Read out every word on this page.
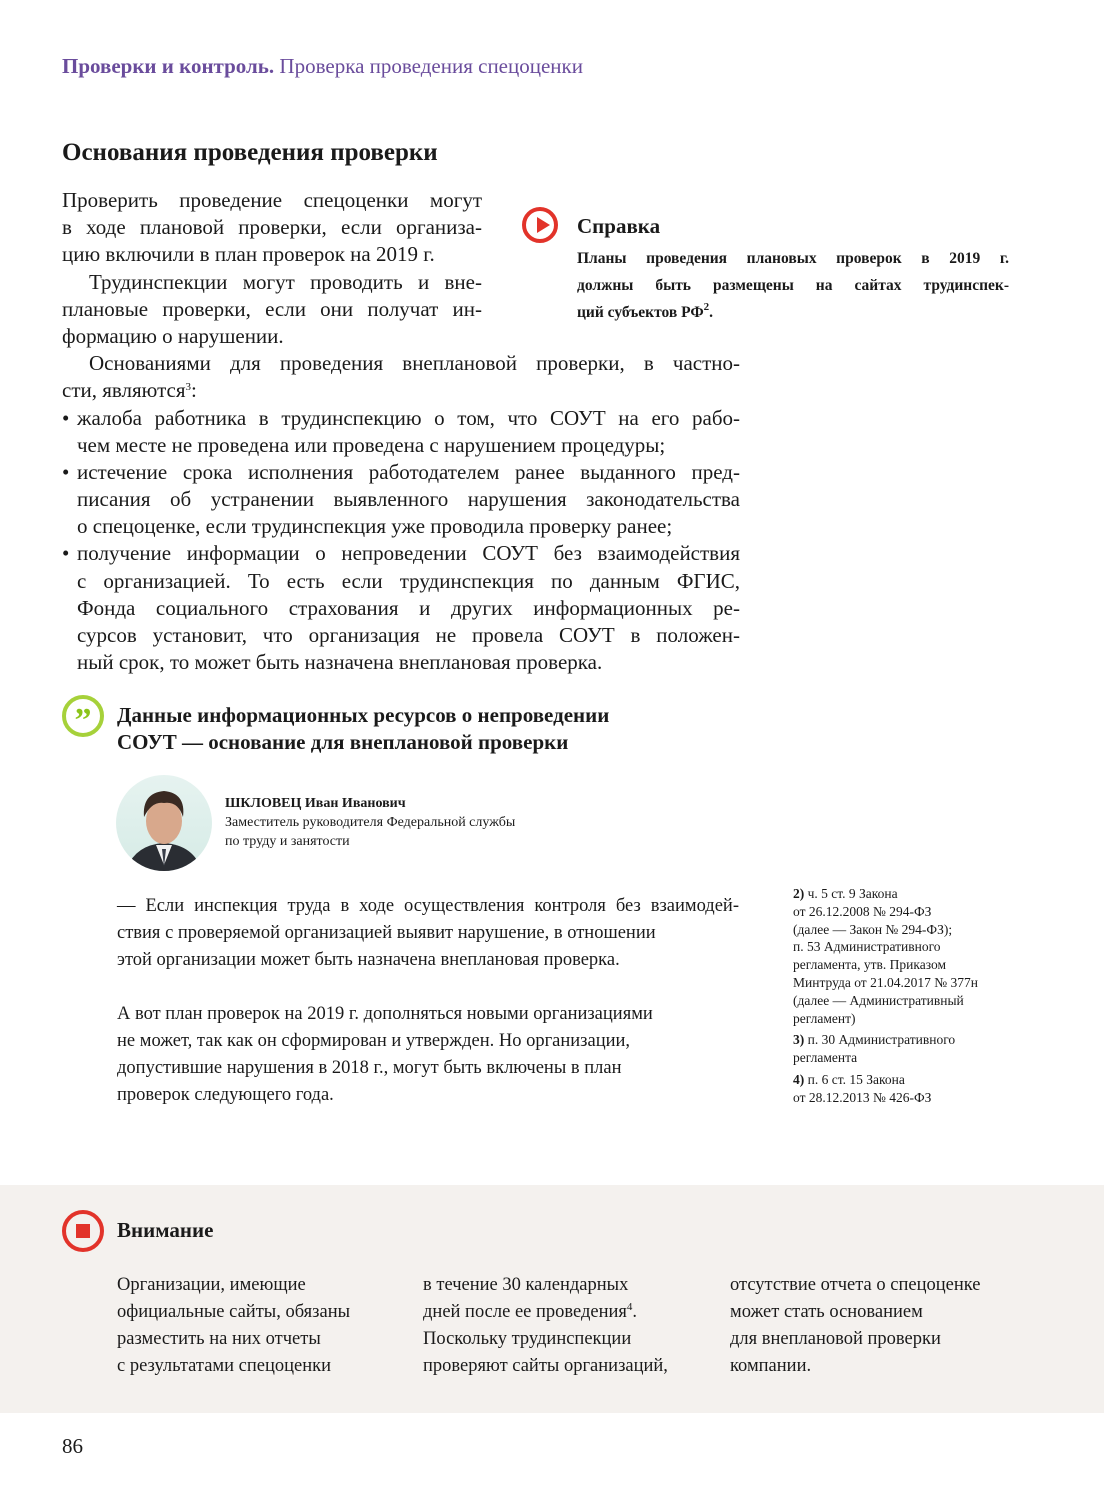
Проверки и контроль. Проверка проведения спецоценки
Основания проведения проверки
Проверить проведение спецоценки могут
в ходе плановой проверки, если организа-
цию включили в план проверок на 2019 г.
Трудинспекции могут проводить и вне-
плановые проверки, если они получат ин-
формацию о нарушении.
Основаниями для проведения внеплановой проверки, в частно-
сти, являются$^3$:
• жалоба работника в трудинспекцию о том, что СОУТ на его рабо-
чем месте не проведена или проведена с нарушением процедуры;
• истечение срока исполнения работодателем ранее выданного пред-
писания об устранении выявленного нарушения законодательства
о спецоценке, если трудинспекция уже проводила проверку ранее;
• получение информации о непроведении СОУТ без взаимодействия
с организацией. То есть если трудинспекция по данным ФГИС,
Фонда социального страхования и других информационных ре-
сурсов установит, что организация не провела СОУТ в положен-
ный срок, то может быть назначена внеплановая проверка.
Справка
Планы проведения плановых проверок в 2019 г.
должны быть размещены на сайтах трудинспек-
ций субъектов $РФ^2$.
”	Данные информационных ресурсов о непроведении
СОУТ — основание для внеплановой проверки
ШКЛОВЕЦ Иван Иванович
Заместитель руководителя Федеральной службы
по труду и занятости
— Если инспекция труда в ходе осуществления контроля без взаимодей-
ствия с проверяемой организацией выявит нарушение, в отношении
этой организации может быть назначена внеплановая проверка.
А вот план проверок на 2019 г. дополняться новыми организациями
не может, так как он сформирован и утвержден. Но организации,
допустившие нарушения в 2018 г., могут быть включены в план
проверок следующего года.
2) ч. 5 ст. 9 Закона
от 26.12.2008 № 294-ФЗ
(далее — Закон № 294-ФЗ);
п. 53 Административного
регламента, утв. Приказом
Минтруда от 21.04.2017 № 377н
(далее — Административный
регламент)
3) п. 30 Административного
регламента
4) п. 6 ст. 15 Закона
от 28.12.2013 № 426-ФЗ
Внимание
Организации, имеющие
официальные сайты, обязаны
разместить на них отчеты
с результатами спецоценки
в течение 30 календарных
дней после ее проведения$^4$.
Поскольку трудинспекции
проверяют сайты организаций,
отсутствие отчета о спецоценке
может стать основанием
для внеплановой проверки
компании.
86
